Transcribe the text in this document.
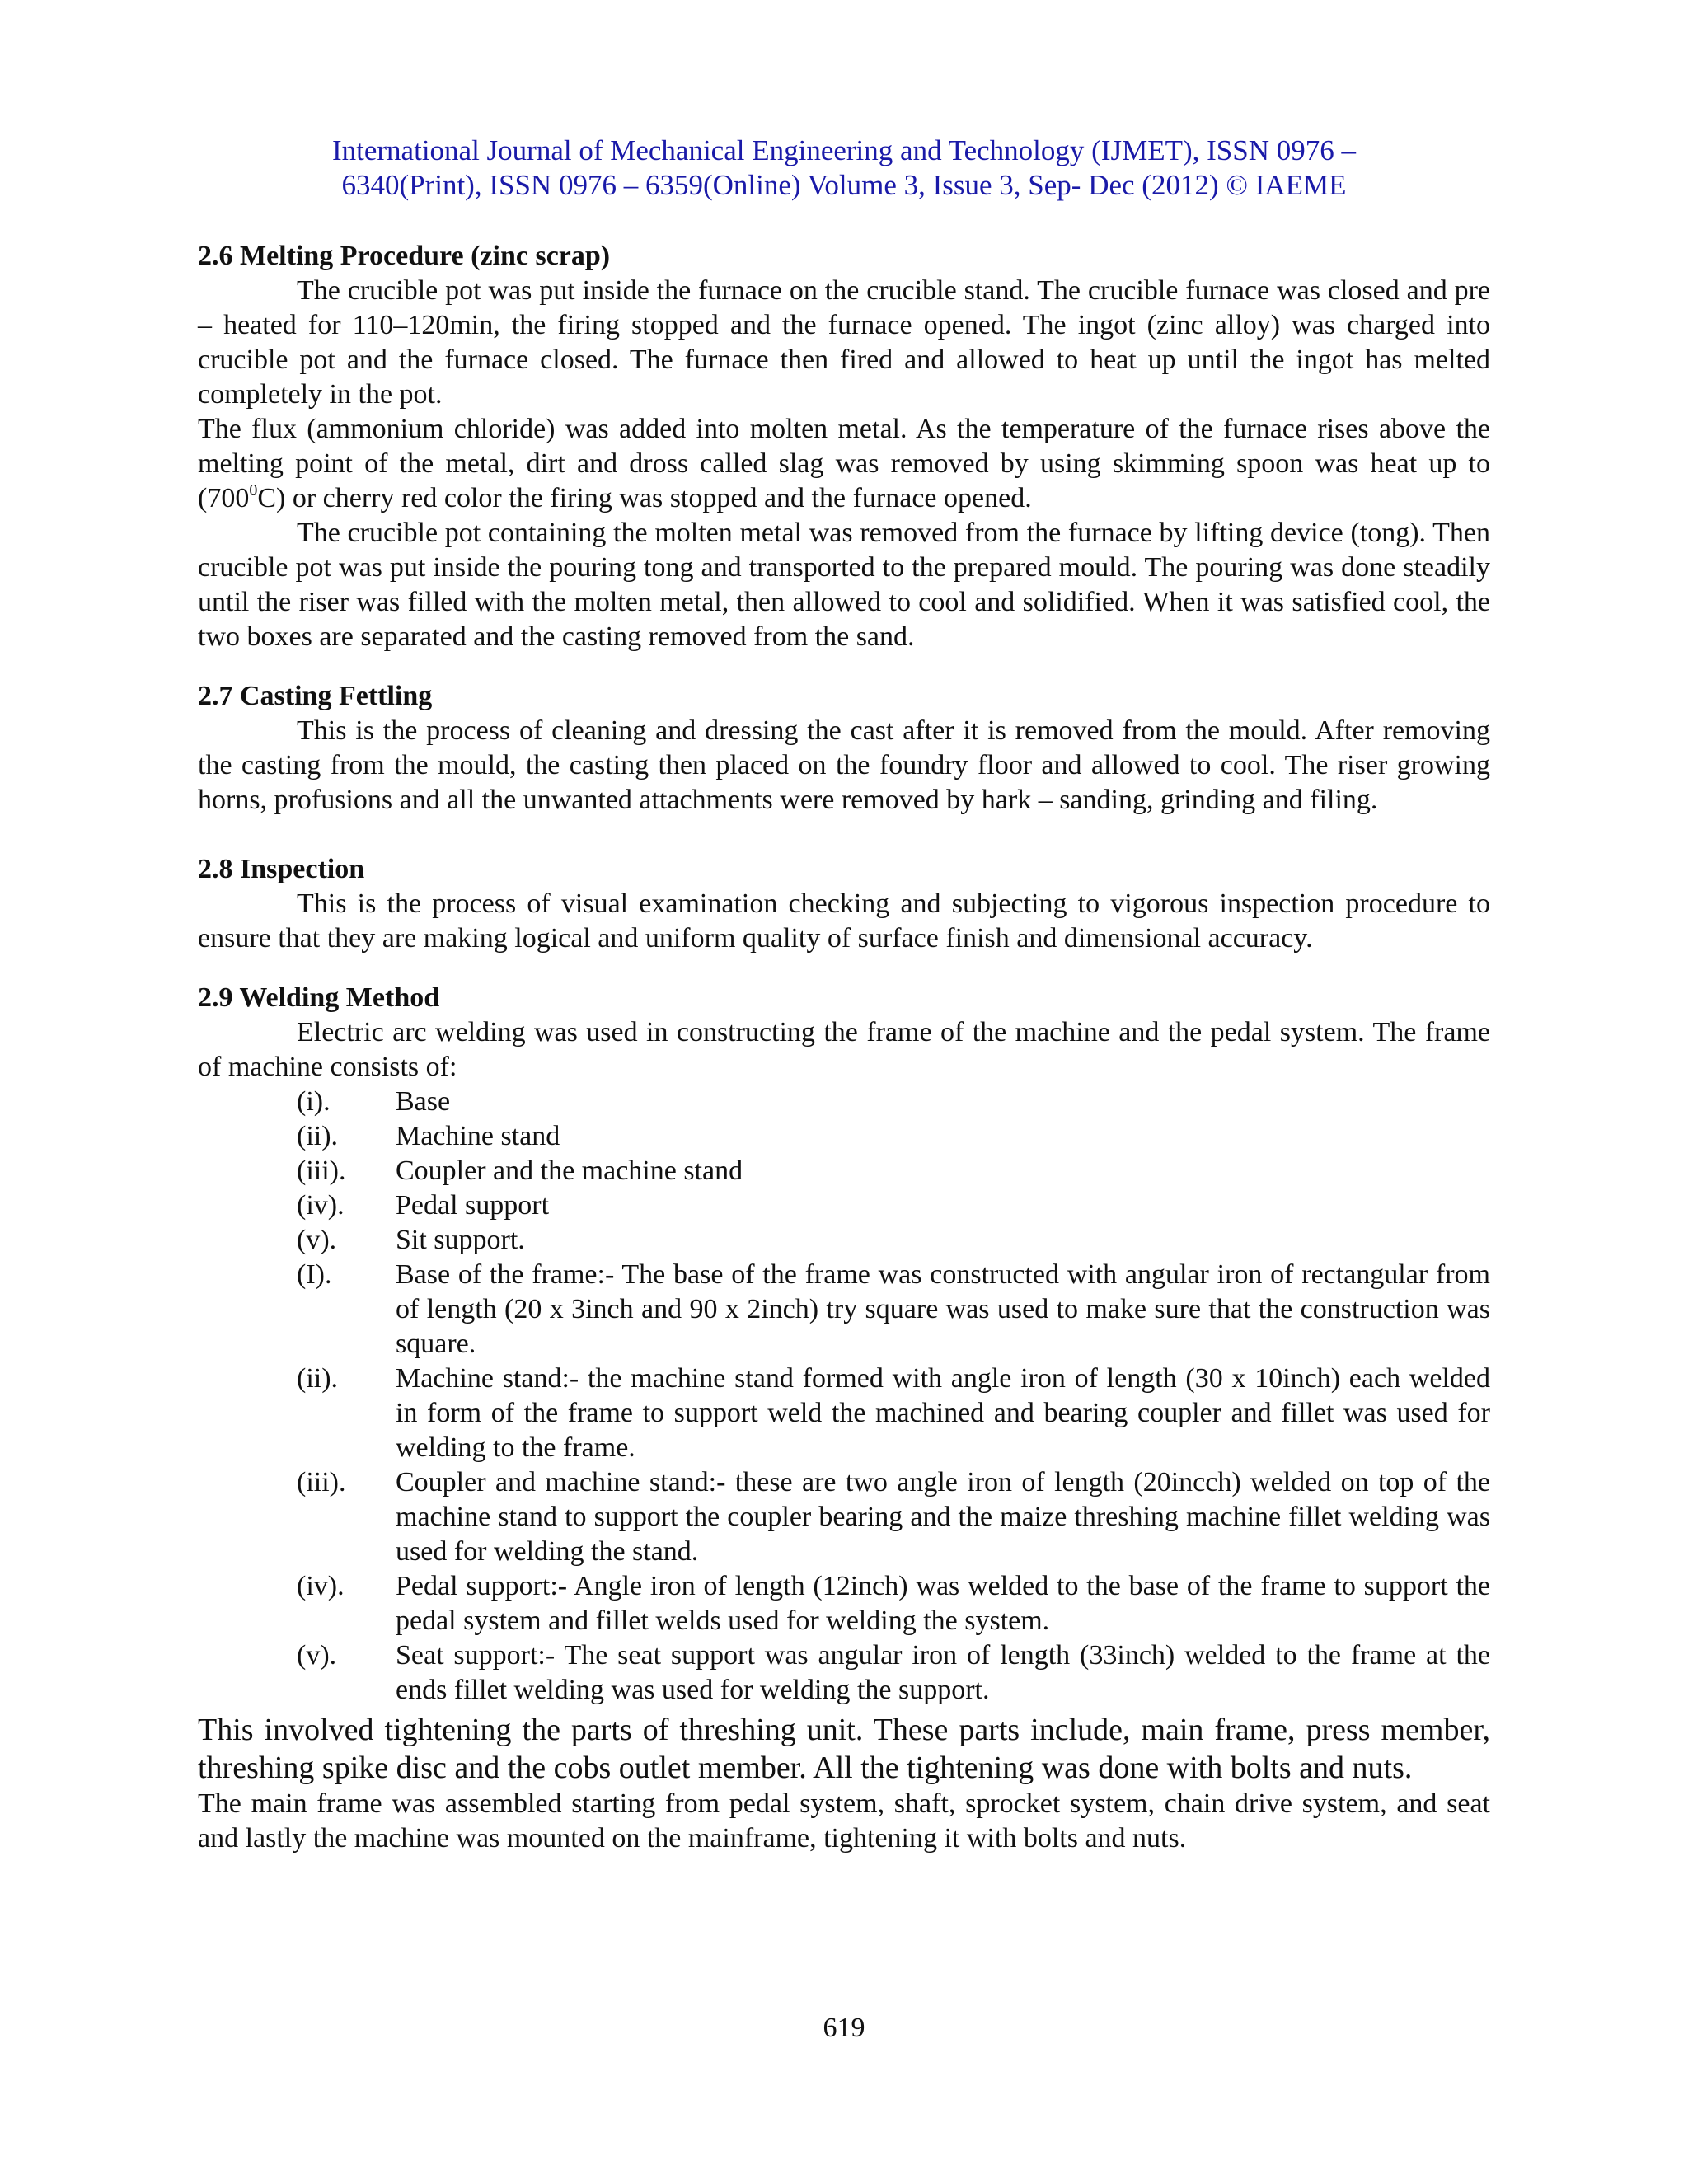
International Journal of Mechanical Engineering and Technology (IJMET), ISSN 0976 –
6340(Print), ISSN 0976 – 6359(Online) Volume 3, Issue 3, Sep- Dec (2012) © IAEME
2.6 Melting Procedure (zinc scrap)

The crucible pot was put inside the furnace on the crucible stand. The crucible furnace was closed and pre – heated for 110–120min, the firing stopped and the furnace opened. The ingot (zinc alloy) was charged into crucible pot and the furnace closed. The furnace then fired and allowed to heat up until the ingot has melted completely in the pot.

The flux (ammonium chloride) was added into molten metal. As the temperature of the furnace rises above the melting point of the metal, dirt and dross called slag was removed by using skimming spoon was heat up to $(700^0C)$ or cherry red color the firing was stopped and the furnace opened.

The crucible pot containing the molten metal was removed from the furnace by lifting device (tong). Then crucible pot was put inside the pouring tong and transported to the prepared mould. The pouring was done steadily until the riser was filled with the molten metal, then allowed to cool and solidified. When it was satisfied cool, the two boxes are separated and the casting removed from the sand.

2.7 Casting Fettling

This is the process of cleaning and dressing the cast after it is removed from the mould. After removing the casting from the mould, the casting then placed on the foundry floor and allowed to cool. The riser growing horns, profusions and all the unwanted attachments were removed by hark – sanding, grinding and filing.

2.8 Inspection

This is the process of visual examination checking and subjecting to vigorous inspection procedure to ensure that they are making logical and uniform quality of surface finish and dimensional accuracy.

2.9 Welding Method

Electric arc welding was used in constructing the frame of the machine and the pedal system. The frame of machine consists of:

(i).	Base
(ii).	Machine stand
(iii).	Coupler and the machine stand
(iv).	Pedal support
(v).	Sit support.
(I).	Base of the frame:- The base of the frame was constructed with angular iron of rectangular from of length (20 x 3inch and 90 x 2inch) try square was used to make sure that the construction was square.
(ii).	Machine stand:- the machine stand formed with angle iron of length (30 x 10inch) each welded in form of the frame to support weld the machined and bearing coupler and fillet was used for welding to the frame.
(iii).	Coupler and machine stand:- these are two angle iron of length (20incch) welded on top of the machine stand to support the coupler bearing and the maize threshing machine fillet welding was used for welding the stand.
(iv).	Pedal support:- Angle iron of length (12inch) was welded to the base of the frame to support the pedal system and fillet welds used for welding the system.
(v).	Seat support:- The seat support was angular iron of length (33inch) welded to the frame at the ends fillet welding was used for welding the support.

This involved tightening the parts of threshing unit. These parts include, main frame, press member, threshing spike disc and the cobs outlet member. All the tightening was done with bolts and nuts.

The main frame was assembled starting from pedal system, shaft, sprocket system, chain drive system, and seat and lastly the machine was mounted on the mainframe, tightening it with bolts and nuts.

619
